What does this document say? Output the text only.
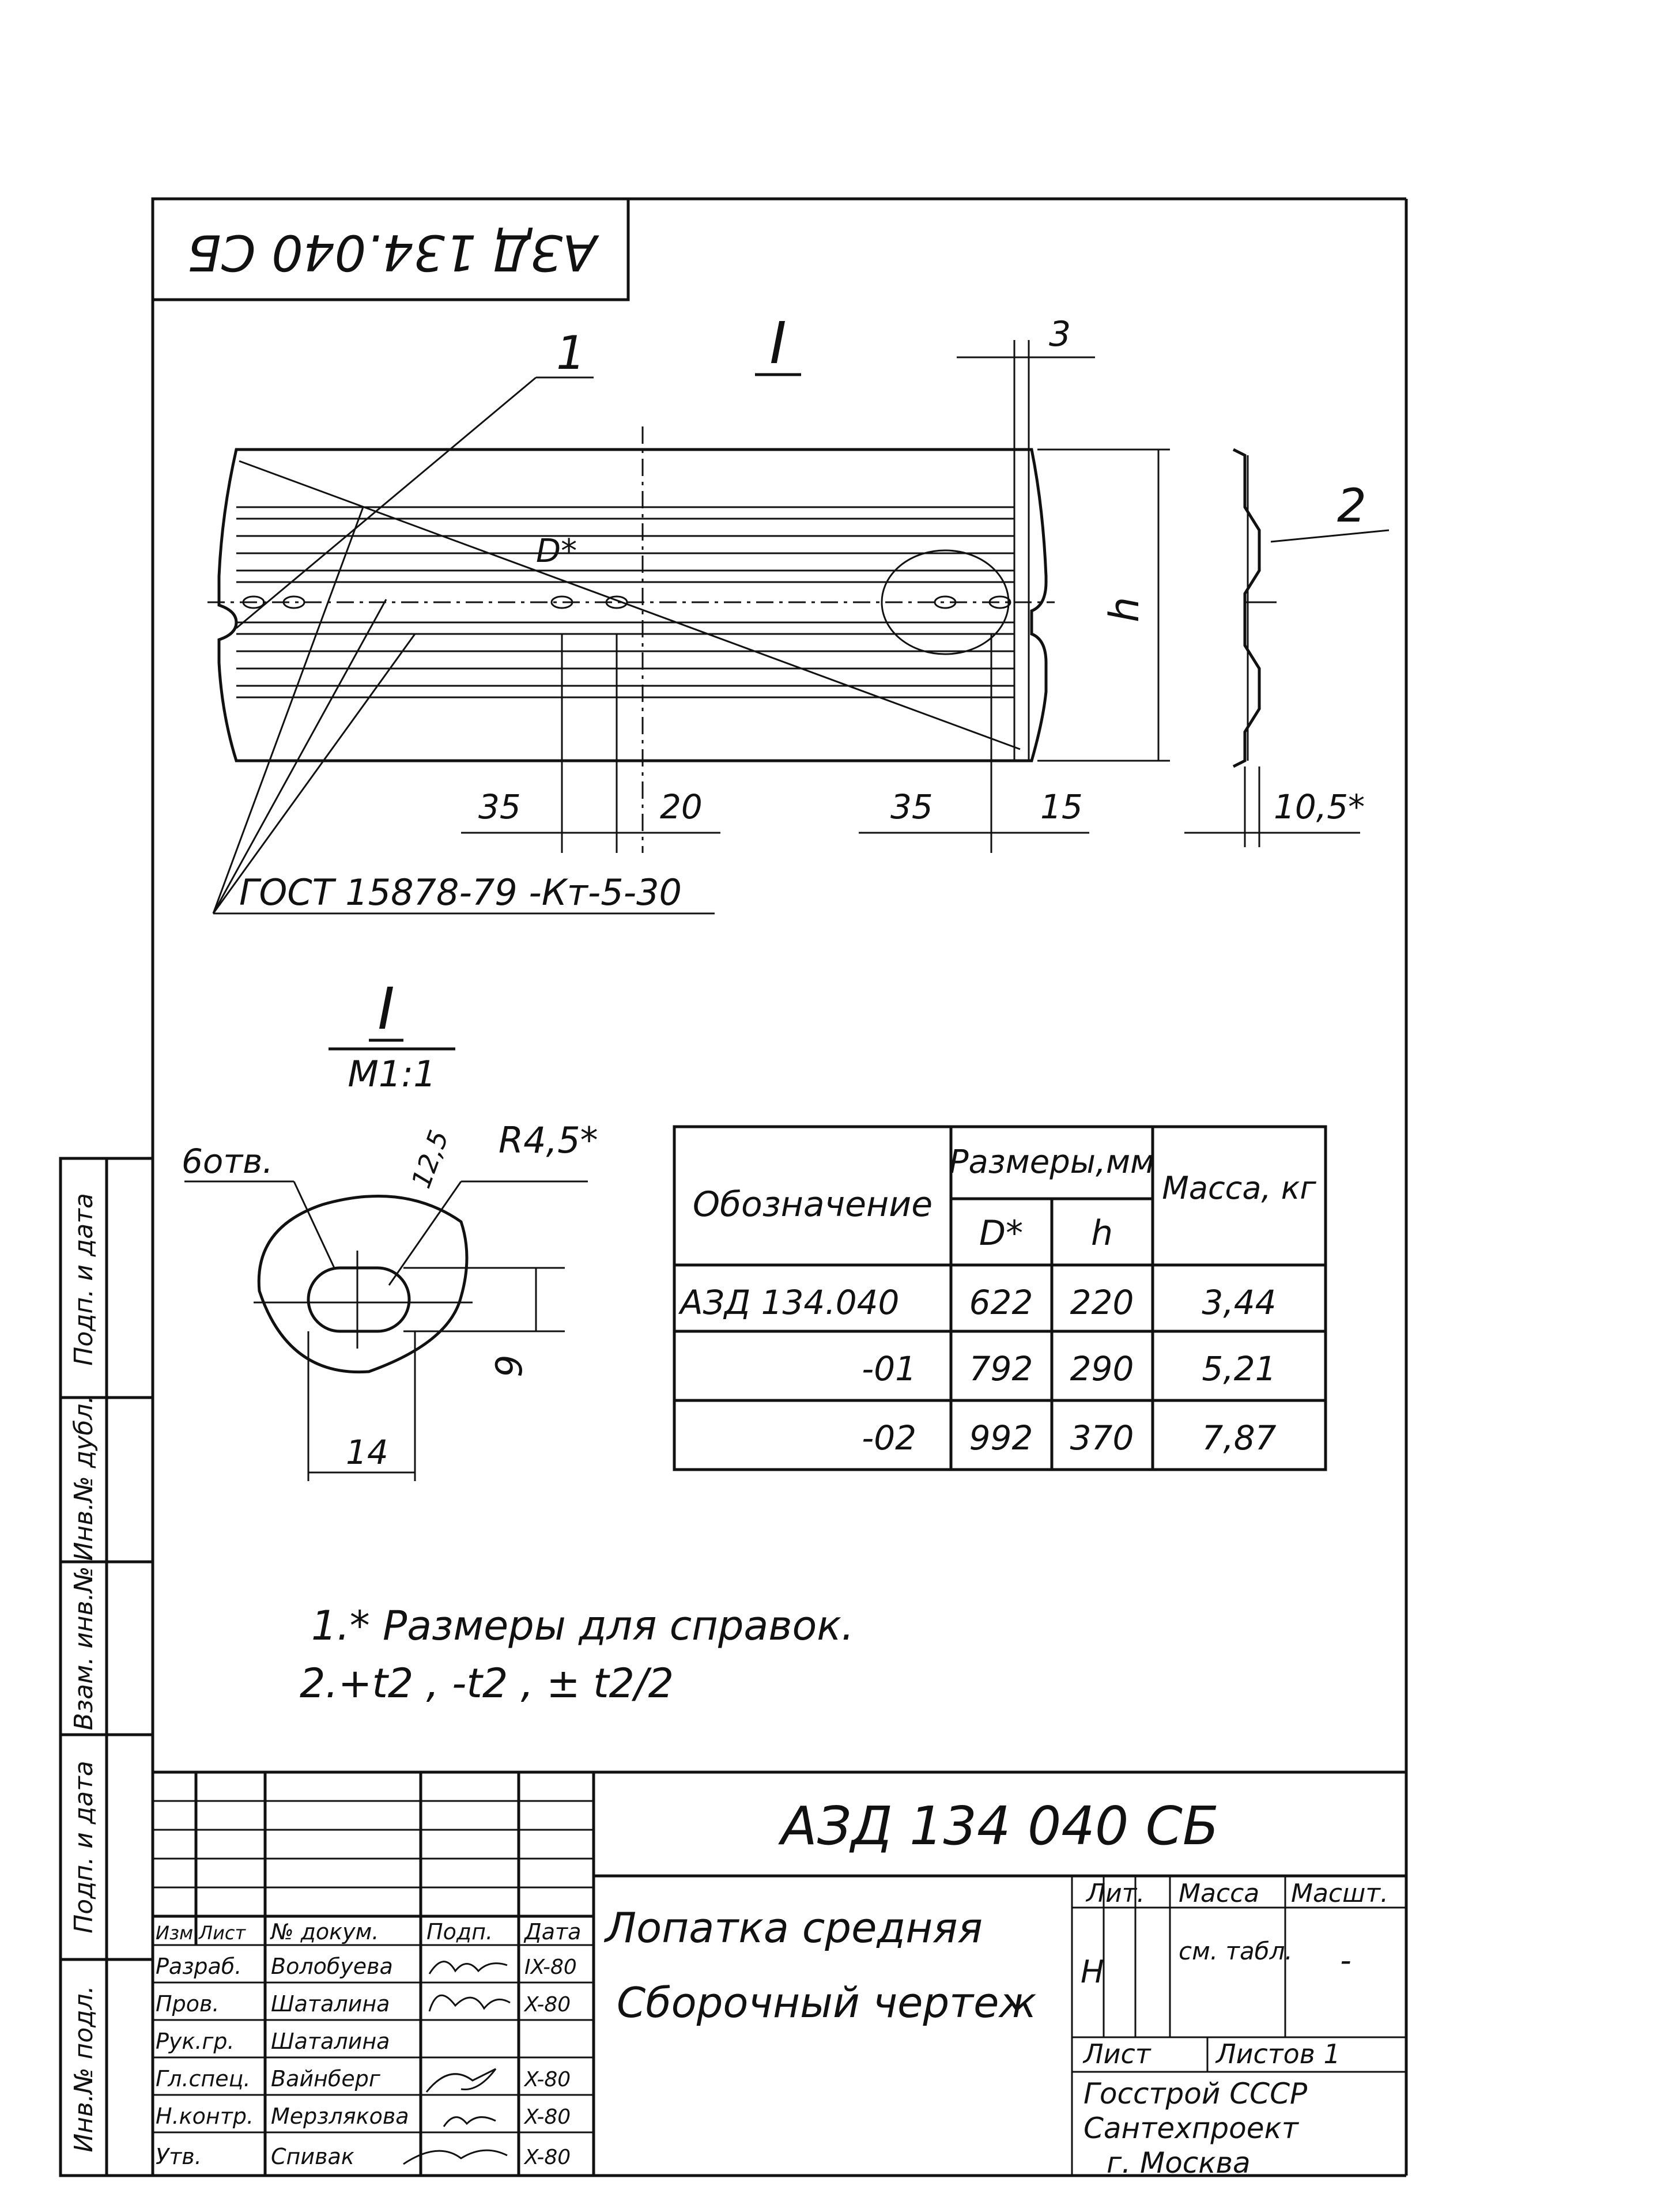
АЗД 134.040 СБ
I
1	3
D*
h
2
10,5*
35	20	35	15
ГОСТ 15878-79 -Кт-5-30
I
М1:1
6отв.	12,5 R4,5*
9
14
Обозначение
Размеры,мм
D* h
Масса, кг
АЗД 134.040 622 220 3,44
-01 792 290 5,21
-02 992 370 7,87
1.* Размеры для справок.
2.+t2 , -t2 , ± t2/2
Подп. и дата
Инв.№ дубл.
Взам. инв.№
Подп. и дата
Инв.№ подл.
АЗД 134 040 СБ
Лопатка средняя
Сборочный чертеж
Лит. Масса Масшт.
Н
см. табл. -
Лист Листов 1
Госстрой СССР
Сантехпроект
г. Москва
Изм Лист № докум. Подп. Дата
Разраб. Волобуева	IX-80
Пров. Шаталина	X-80
Рук.гр. Шаталина
Гл.спец. Вайнберг	X-80
Н.контр. Мерзлякова	X-80
Утв.	Спивак	X-80
